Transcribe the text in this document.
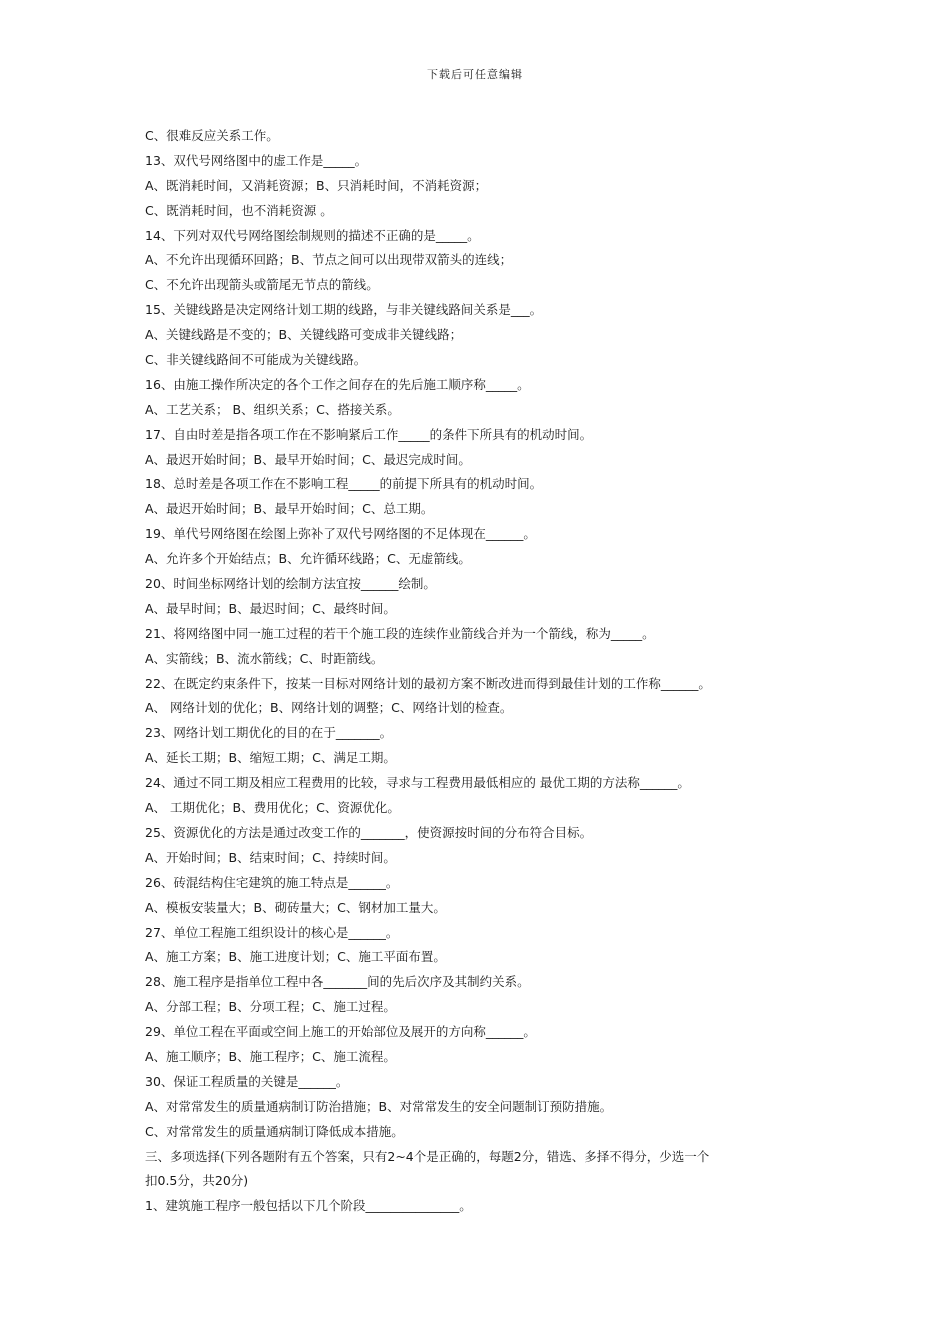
下载后可任意编辑
C、很难反应关系工作。
13、双代号网络图中的虚工作是_____。
A、既消耗时间，又消耗资源；B、只消耗时间，不消耗资源；
C、既消耗时间，也不消耗资源 。
14、下列对双代号网络图绘制规则的描述不正确的是_____。
A、不允许出现循环回路；B、节点之间可以出现带双箭头的连线；
C、不允许出现箭头或箭尾无节点的箭线。
15、关键线路是决定网络计划工期的线路，与非关键线路间关系是___。
A、关键线路是不变的；B、关键线路可变成非关键线路；
C、非关键线路间不可能成为关键线路。
16、由施工操作所决定的各个工作之间存在的先后施工顺序称_____。
A、工艺关系； B、组织关系；C、搭接关系。
17、自由时差是指各项工作在不影响紧后工作_____的条件下所具有的机动时间。
A、最迟开始时间；B、最早开始时间；C、最迟完成时间。
18、总时差是各项工作在不影响工程_____的前提下所具有的机动时间。
A、最迟开始时间；B、最早开始时间；C、总工期。
19、单代号网络图在绘图上弥补了双代号网络图的不足体现在______。
A、允许多个开始结点；B、允许循环线路；C、无虚箭线。
20、时间坐标网络计划的绘制方法宜按______绘制。
A、最早时间；B、最迟时间；C、最终时间。
21、将网络图中同一施工过程的若干个施工段的连续作业箭线合并为一个箭线，称为_____。
A、实箭线；B、流水箭线；C、时距箭线。
22、在既定约束条件下，按某一目标对网络计划的最初方案不断改进而得到最佳计划的工作称______。
A、 网络计划的优化；B、网络计划的调整；C、网络计划的检查。
23、网络计划工期优化的目的在于_______。
A、延长工期；B、缩短工期；C、满足工期。
24、通过不同工期及相应工程费用的比较，寻求与工程费用最低相应的 最优工期的方法称______。
A、 工期优化；B、费用优化；C、资源优化。
25、资源优化的方法是通过改变工作的_______，使资源按时间的分布符合目标。
A、开始时间；B、结束时间；C、持续时间。
26、砖混结构住宅建筑的施工特点是______。
A、模板安装量大；B、砌砖量大；C、钢材加工量大。
27、单位工程施工组织设计的核心是______。
A、施工方案；B、施工进度计划；C、施工平面布置。
28、施工程序是指单位工程中各_______间的先后次序及其制约关系。
A、分部工程；B、分项工程；C、施工过程。
29、单位工程在平面或空间上施工的开始部位及展开的方向称______。
A、施工顺序；B、施工程序；C、施工流程。
30、保证工程质量的关键是______。
A、对常常发生的质量通病制订防治措施；B、对常常发生的安全问题制订预防措施。
C、对常常发生的质量通病制订降低成本措施。
三、多项选择(下列各题附有五个答案，只有2~4个是正确的，每题2分，错选、多择不得分，少选一个
扣0.5分，共20分)
1、建筑施工程序一般包括以下几个阶段_______________。
